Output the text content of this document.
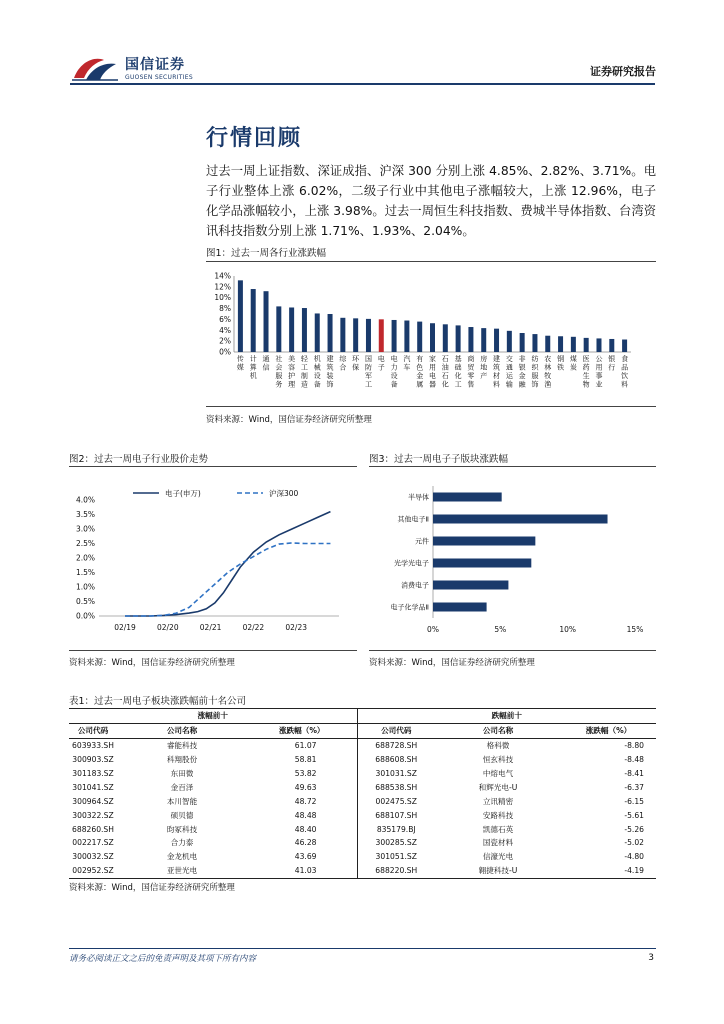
国信证券
GUOSEN SECURITIES	证券研究报告
行情回顾
过去一周上证指数、深证成指、沪深 300 分别上涨 4.85%、2.82%、3.71%。电子行业整体上涨 6.02%，二级子行业中其他电子涨幅较大，上涨 12.96%，电子化学品涨幅较小，上涨 3.98%。过去一周恒生科技指数、费城半导体指数、台湾资讯科技指数分别上涨 1.71%、1.93%、2.04%。
图1：过去一周各行业涨跌幅
0%
2%
4%
6%
8%
10%
12%
14%
传媒
计算机
通信
社会服务
美容护理
轻工制造
机械设备
建筑装饰
综合
环保
国防军工
电子
电力设备
汽车
有色金属
家用电器
石油石化
基础化工
商贸零售
房地产
建筑材料
交通运输
非银金融
纺织服饰
农林牧渔
钢铁
煤炭
医药生物
公用事业
银行
食品饮料
资料来源：Wind，国信证券经济研究所整理
图2：过去一周电子行业股价走势
0.0%
0.5%
1.0%
1.5%
2.0%
2.5%
3.0%
3.5%
4.0%
02/19	02/20	02/21	02/22	02/23
电子(申万)	沪深300
资料来源：Wind，国信证券经济研究所整理
图3：过去一周电子子版块涨跌幅
半导体
其他电子Ⅱ
元件
光学光电子
消费电子
电子化学品Ⅱ
0%	5%	10%	15%
资料来源：Wind，国信证券经济研究所整理
表1：过去一周电子板块涨跌幅前十名公司
涨幅前十			跌幅前十		
公司代码	公司名称	涨跌幅（%）	公司代码	公司名称	涨跌幅（%）
603933.SH	睿能科技	61.07	688728.SH	格科微	-8.80
300903.SZ	科翔股份	58.81	688608.SH	恒玄科技	-8.48
301183.SZ	东田微	53.82	301031.SZ	中熔电气	-8.41
301041.SZ	金百泽	49.63	688538.SH	和辉光电-U	-6.37
300964.SZ	本川智能	48.72	002475.SZ	立讯精密	-6.15
300322.SZ	硕贝德	48.48	688107.SH	安路科技	-5.61
688260.SH	昀冢科技	48.40	835179.BJ	凯德石英	-5.26
002217.SZ	合力泰	46.28	300285.SZ	国瓷材料	-5.02
300032.SZ	金龙机电	43.69	301051.SZ	信濠光电	-4.80
002952.SZ	亚世光电	41.03	688220.SH	翱捷科技-U	-4.19
资料来源：Wind，国信证券经济研究所整理
请务必阅读正文之后的免责声明及其项下所有内容	3
